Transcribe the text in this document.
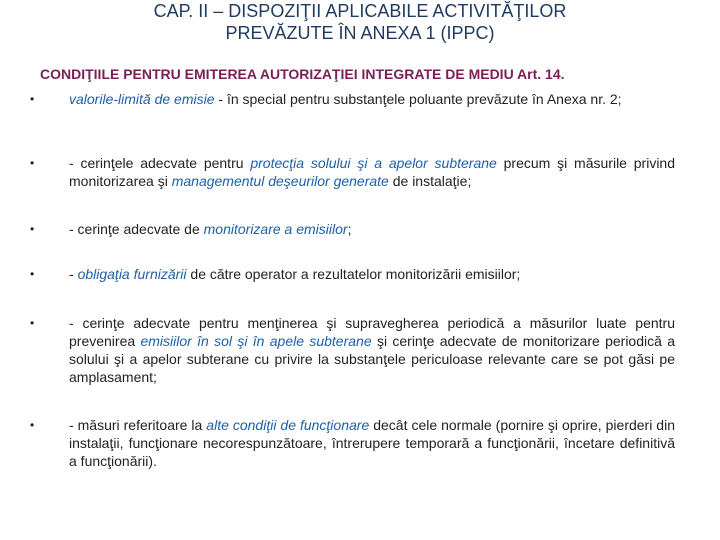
CAP. II – DISPOZIŢII APLICABILE ACTIVITĂŢILOR
PREVĂZUTE ÎN ANEXA 1 (IPPC)
CONDIŢIILE PENTRU EMITEREA AUTORIZAŢIEI INTEGRATE DE MEDIU Art. 14.
• valorile-limită de emisie - în special pentru substanţele poluante prevăzute în Anexa nr. 2;
• - cerinţele adecvate pentru protecţia solului şi a apelor subterane precum şi măsurile privind monitorizarea şi managementul deşeurilor generate de instalaţie;
• - cerinţe adecvate de monitorizare a emisiilor;
• - obligaţia furnizării de către operator a rezultatelor monitorizării emisiilor;
• - cerinţe adecvate pentru menţinerea şi supravegherea periodică a măsurilor luate pentru prevenirea emisiilor în sol şi în apele subterane şi cerinţe adecvate de monitorizare periodică a solului şi a apelor subterane cu privire la substanţele periculoase relevante care se pot găsi pe amplasament;
• - măsuri referitoare la alte condiţii de funcţionare decât cele normale (pornire şi oprire, pierderi din instalaţii, funcţionare necorespunzătoare, întrerupere temporară a funcţionării, încetare definitivă a funcţionării).
